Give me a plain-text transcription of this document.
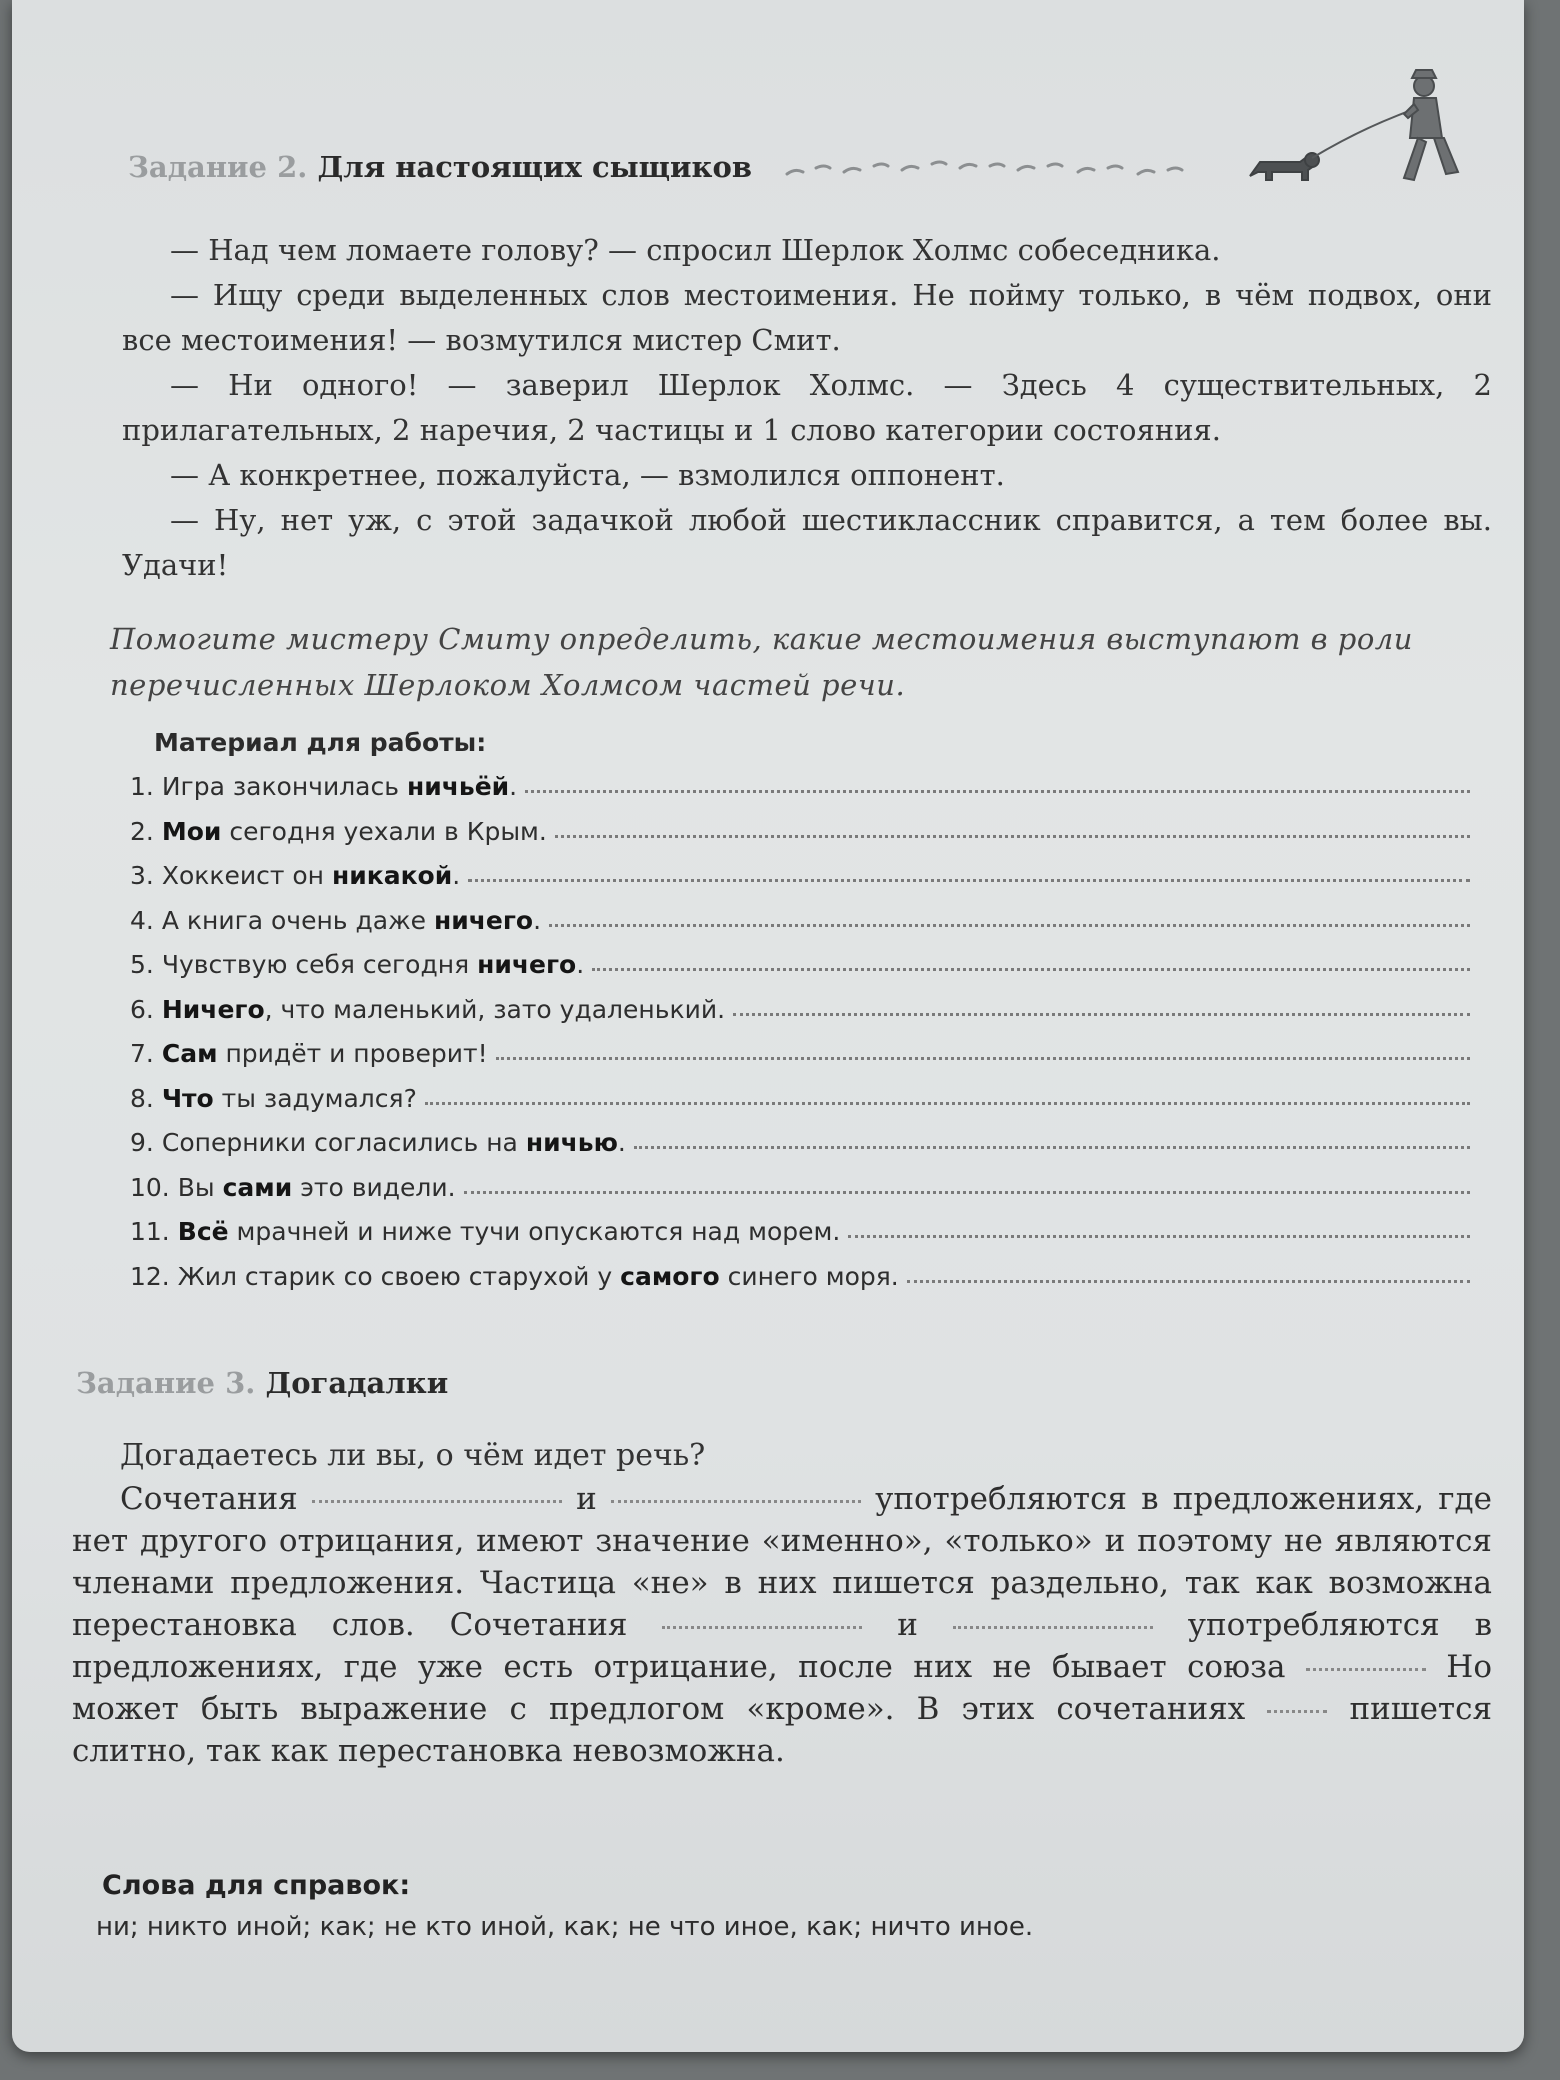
Задание 2. Для настоящих сыщиков

— Над чем ломаете голову? — спросил Шерлок Холмс собеседника.

— Ищу среди выделенных слов местоимения. Не пойму только, в чём подвох, они все местоимения! — возмутился мистер Смит.

— Ни одного! — заверил Шерлок Холмс. — Здесь 4 существительных, 2 прилагательных, 2 наречия, 2 частицы и 1 слово категории состояния.

— А конкретнее, пожалуйста, — взмолился оппонент.

— Ну, нет уж, с этой задачкой любой шестиклассник справится, а тем более вы. Удачи!

Помогите мистеру Смиту определить, какие местоимения выступают в роли перечисленных Шерлоком Холмсом частей речи.

Материал для работы:
1. Игра закончилась ничьёй.
2. Мои сегодня уехали в Крым.
3. Хоккеист он никакой.
4. А книга очень даже ничего.
5. Чувствую себя сегодня ничего.
6. Ничего, что маленький, зато удаленький.
7. Сам придёт и проверит!
8. Что ты задумался?
9. Соперники согласились на ничью.
10. Вы сами это видели.
11. Всё мрачней и ниже тучи опускаются над морем.
12. Жил старик со своею старухой у самого синего моря.
Задание 3. Догадалки

Догадаетесь ли вы, о чём идет речь?

Сочетания	и	употребляются в предложениях, где нет другого отрицания, имеют значение «именно», «только» и поэтому не являются членами предложения. Частица «не» в них пишется раздельно, так как возможна перестановка слов. Сочетания	и	употребляются в предложениях, где уже есть отрицание, после них не бывает союза	Но может быть выражение с предлогом «кроме». В этих сочетаниях	пишется слитно, так как перестановка невозможна.

Слова для справок:

ни; никто иной; как; не кто иной, как; не что иное, как; ничто иное.
